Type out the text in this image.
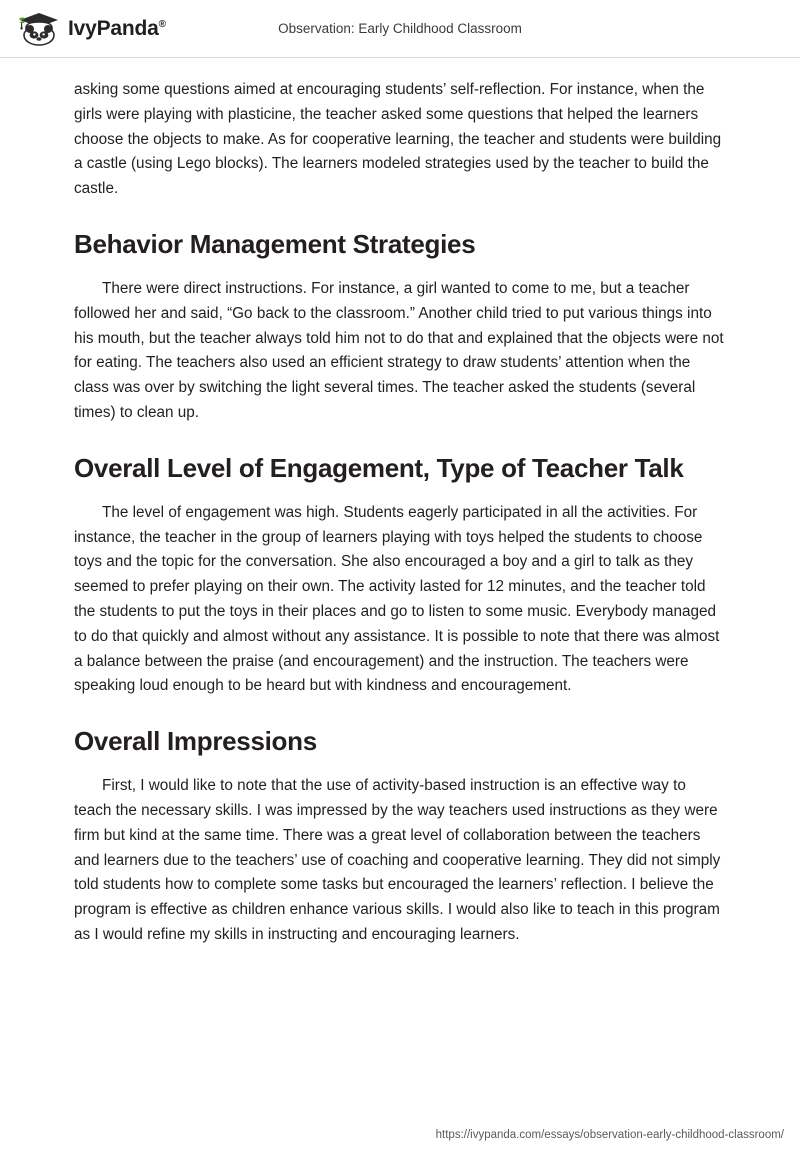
IvyPanda®	Observation: Early Childhood Classroom

asking some questions aimed at encouraging students’ self-reflection. For instance, when the girls were playing with plasticine, the teacher asked some questions that helped the learners choose the objects to make. As for cooperative learning, the teacher and students were building a castle (using Lego blocks). The learners modeled strategies used by the teacher to build the castle.

Behavior Management Strategies

There were direct instructions. For instance, a girl wanted to come to me, but a teacher followed her and said, “Go back to the classroom.” Another child tried to put various things into his mouth, but the teacher always told him not to do that and explained that the objects were not for eating. The teachers also used an efficient strategy to draw students’ attention when the class was over by switching the light several times. The teacher asked the students (several times) to clean up.

Overall Level of Engagement, Type of Teacher Talk

The level of engagement was high. Students eagerly participated in all the activities. For instance, the teacher in the group of learners playing with toys helped the students to choose toys and the topic for the conversation. She also encouraged a boy and a girl to talk as they seemed to prefer playing on their own. The activity lasted for 12 minutes, and the teacher told the students to put the toys in their places and go to listen to some music. Everybody managed to do that quickly and almost without any assistance. It is possible to note that there was almost a balance between the praise (and encouragement) and the instruction. The teachers were speaking loud enough to be heard but with kindness and encouragement.

Overall Impressions

First, I would like to note that the use of activity-based instruction is an effective way to teach the necessary skills. I was impressed by the way teachers used instructions as they were firm but kind at the same time. There was a great level of collaboration between the teachers and learners due to the teachers’ use of coaching and cooperative learning. They did not simply told students how to complete some tasks but encouraged the learners’ reflection. I believe the program is effective as children enhance various skills. I would also like to teach in this program as I would refine my skills in instructing and encouraging learners.

https://ivypanda.com/essays/observation-early-childhood-classroom/
